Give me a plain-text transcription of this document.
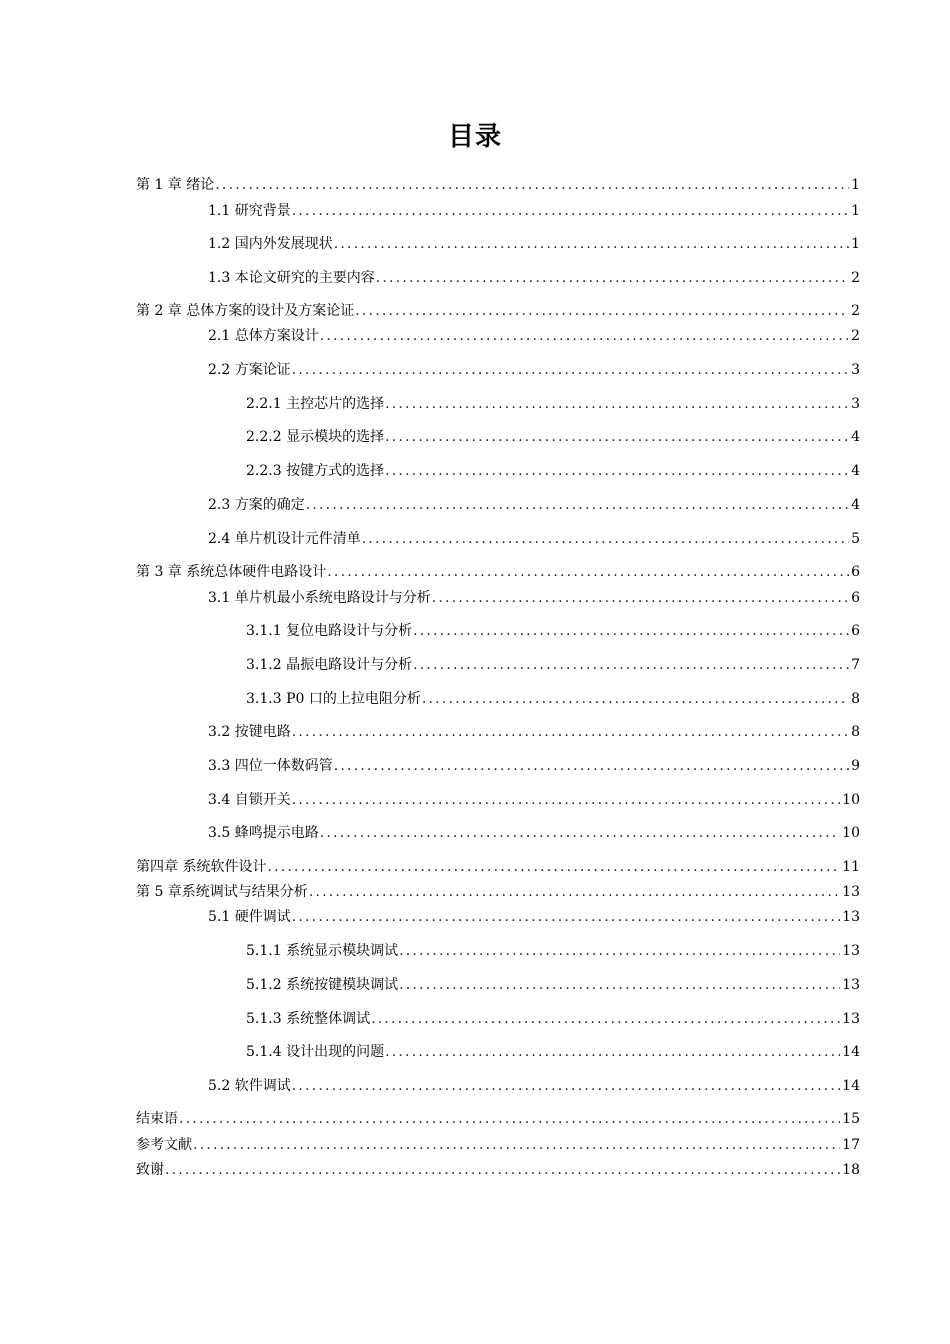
目录
第 1 章 绪论 .....	1
1.1 研究背景 .....	1
1.2 国内外发展现状 .....	1
1.3 本论文研究的主要内容 .....	2
第 2 章 总体方案的设计及方案论证 .....	2
2.1 总体方案设计 .....	2
2.2 方案论证 .....	3
2.2.1 主控芯片的选择 .....	3
2.2.2 显示模块的选择 .....	4
2.2.3 按键方式的选择 .....	4
2.3 方案的确定 .....	4
2.4 单片机设计元件清单 .....	5
第 3 章 系统总体硬件电路设计 .....	6
3.1 单片机最小系统电路设计与分析 .....	6
3.1.1 复位电路设计与分析 .....	6
3.1.2 晶振电路设计与分析 .....	7
3.1.3 P0 口的上拉电阻分析 .....	8
3.2 按键电路 .....	8
3.3 四位一体数码管 .....	9
3.4 自锁开关 .....	10
3.5 蜂鸣提示电路 .....	10
第四章 系统软件设计 .....	11
第 5 章系统调试与结果分析 .....	13
5.1 硬件调试 .....	13
5.1.1 系统显示模块调试 .....	13
5.1.2 系统按键模块调试 .....	13
5.1.3 系统整体调试 .....	13
5.1.4 设计出现的问题 .....	14
5.2 软件调试 .....	14
结束语 .....	15
参考文献 .....	17
致谢 .....	18
